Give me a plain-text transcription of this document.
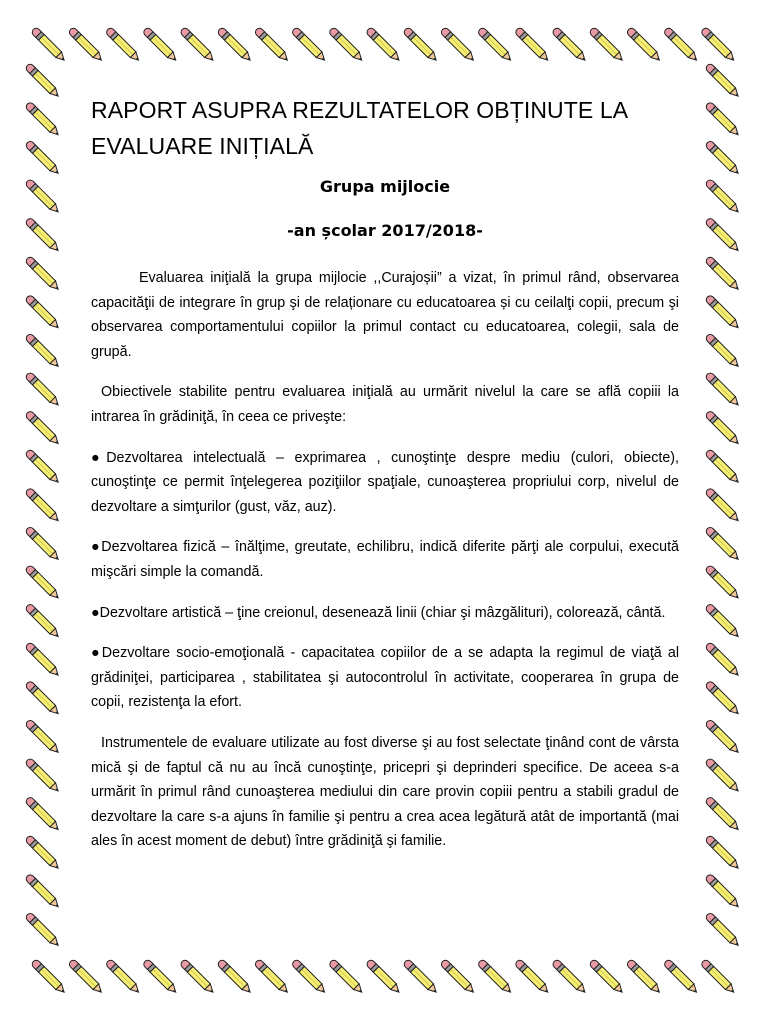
RAPORT ASUPRA REZULTATELOR OBȚINUTE LA EVALUARE INIȚIALĂ
Grupa mijlocie
-an școlar 2017/2018-

Evaluarea iniţială la grupa mijlocie ,,Curajoșii” a vizat, în primul rând, observarea capacităţii de integrare în grup şi de relaționare cu educatoarea și cu ceilalţi copii, precum şi observarea comportamentului copiilor la primul contact cu educatoarea, colegii, sala de grupă.

Obiectivele stabilite pentru evaluarea iniţială au urmărit nivelul la care se află copiii la intrarea în grădiniţă, în ceea ce priveşte:

●Dezvoltarea intelectuală – exprimarea , cunoştinţe despre mediu (culori, obiecte), cunoştinţe ce permit înţelegerea poziţiilor spaţiale, cunoaşterea propriului corp, nivelul de dezvoltare a simţurilor (gust, văz, auz).

●Dezvoltarea fizică – înălţime, greutate, echilibru, indică diferite părţi ale corpului, execută mişcări simple la comandă.

●Dezvoltare artistică – ţine creionul, desenează linii (chiar şi mâzgălituri), colorează, cântă.

●Dezvoltare socio-emoţională - capacitatea copiilor de a se adapta la regimul de viaţă al grădiniţei, participarea , stabilitatea şi autocontrolul în activitate, cooperarea în grupa de copii, rezistenţa la efort.

Instrumentele de evaluare utilizate au fost diverse şi au fost selectate ţinând cont de vârsta mică şi de faptul că nu au încă cunoştinţe, pricepri şi deprinderi specifice. De aceea s-a urmărit în primul rând cunoaşterea mediului din care provin copiii pentru a stabili gradul de dezvoltare la care s-a ajuns în familie şi pentru a crea acea legătură atât de importantă (mai ales în acest moment de debut) între grădiniţă şi familie.
